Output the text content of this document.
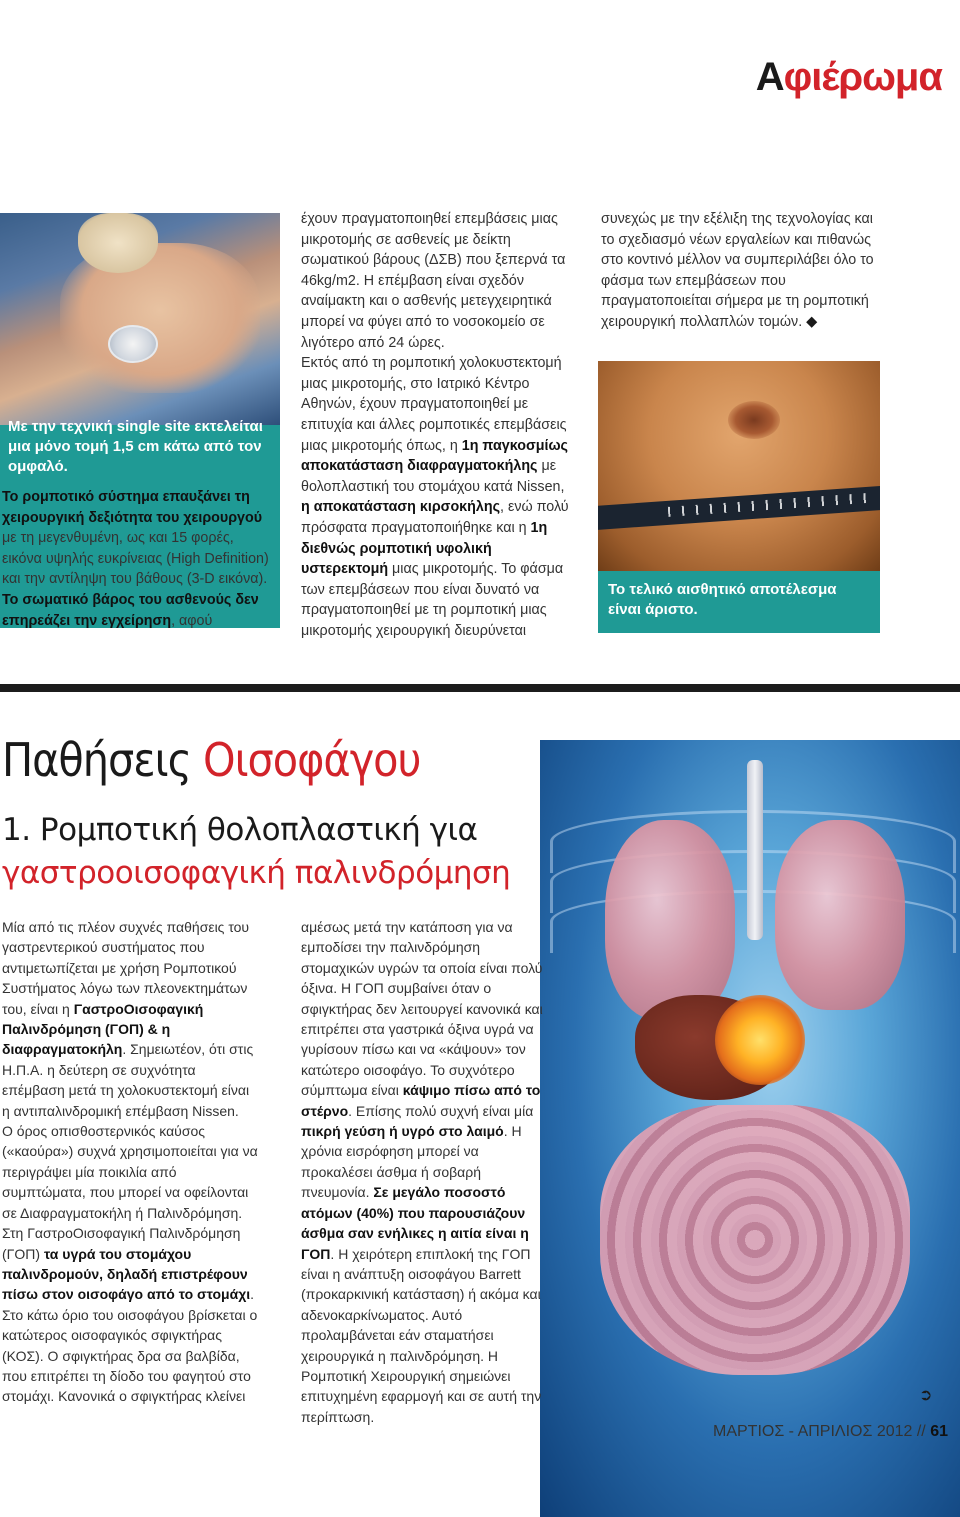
Αφιέρωμα
Με την τεχνική single site εκτελείται μια μόνο τομή 1,5 cm κάτω από τον ομφαλό.
Το ρομποτικό σύστημα επαυξάνει τη χειρουργική δεξιότητα του χειρουργού με τη μεγενθυμένη, ως και 15 φορές, εικόνα υψηλής ευκρίνειας (High Definition) και την αντίληψη του βάθους (3-D εικόνα).
Το σωματικό βάρος του ασθενούς δεν επηρεάζει την εγχείρηση, αφού
έχουν πραγματοποιηθεί επεμβάσεις μιας μικροτομής σε ασθενείς με δείκτη σωματικού βάρους (ΔΣΒ) που ξεπερνά τα 46kg/m2. Η επέμβαση είναι σχεδόν αναίμακτη και ο ασθενής μετεγχειρητικά μπορεί να φύγει από το νοσοκομείο σε λιγότερο από 24 ώρες.
Εκτός από τη ρομποτική χολοκυστεκτομή μιας μικροτομής, στο Ιατρικό Κέντρο Αθηνών, έχουν πραγματοποιηθεί με επιτυχία και άλλες ρομποτικές επεμβάσεις μιας μικροτομής όπως, η 1η παγκοσμίως αποκατάσταση διαφραγματοκήλης με θολοπλαστική του στομάχου κατά Nissen, η αποκατάσταση κιρσοκήλης, ενώ πολύ πρόσφατα πραγματοποιήθηκε και η 1η διεθνώς ρομποτική υφολική υστερεκτομή μιας μικροτομής. Το φάσμα των επεμβάσεων που είναι δυνατό να πραγματοποιηθεί με τη ρομποτική μιας μικροτομής χειρουργική διευρύνεται
συνεχώς με την εξέλιξη της τεχνολογίας και το σχεδιασμό νέων εργαλείων και πιθανώς στο κοντινό μέλλον να συμπεριλάβει όλο το φάσμα των επεμβάσεων που πραγματοποιείται σήμερα με τη ρομποτική χειρουργική πολλαπλών τομών. ◆
Το τελικό αισθητικό αποτέλεσμα είναι άριστο.
Παθήσεις Οισοφάγου
1. Ρομποτική θολοπλαστική για
γαστροοισοφαγική παλινδρόμηση
Μία από τις πλέον συχνές παθήσεις του γαστρεντερικού συστήματος που αντιμετωπίζεται με χρήση Ρομποτικού Συστήματος λόγω των πλεονεκτημάτων του, είναι η ΓαστροΟισοφαγική Παλινδρόμηση (ΓΟΠ) & η διαφραγματοκήλη. Σημειωτέον, ότι στις Η.Π.Α. η δεύτερη σε συχνότητα επέμβαση μετά τη χολοκυστεκτομή είναι η αντιπαλινδρομική επέμβαση Nissen.
Ο όρος οπισθοστερνικός καύσος («καούρα») συχνά χρησιμοποιείται για να περιγράψει μία ποικιλία από συμπτώματα, που μπορεί να οφείλονται σε Διαφραγματοκήλη ή Παλινδρόμηση. Στη ΓαστροΟισοφαγική Παλινδρόμηση (ΓΟΠ) τα υγρά του στομάχου παλινδρομούν, δηλαδή επιστρέφουν πίσω στον οισοφάγο από το στομάχι.
Στο κάτω όριο του οισοφάγου βρίσκεται ο κατώτερος οισοφαγικός σφιγκτήρας (ΚΟΣ). Ο σφιγκτήρας δρα σα βαλβίδα, που επιτρέπει τη δίοδο του φαγητού στο στομάχι. Κανονικά ο σφιγκτήρας κλείνει
αμέσως μετά την κατάποση για να εμποδίσει την παλινδρόμηση στομαχικών υγρών τα οποία είναι πολύ όξινα. Η ΓΟΠ συμβαίνει όταν ο σφιγκτήρας δεν λειτουργεί κανονικά και επιτρέπει στα γαστρικά όξινα υγρά να γυρίσουν πίσω και να «κάψουν» τον κατώτερο οισοφάγο. Το συχνότερο σύμπτωμα είναι κάψιμο πίσω από το στέρνο. Επίσης πολύ συχνή είναι μία πικρή γεύση ή υγρό στο λαιμό. Η χρόνια εισρόφηση μπορεί να προκαλέσει άσθμα ή σοβαρή πνευμονία. Σε μεγάλο ποσοστό ατόμων (40%) που παρουσιάζουν άσθμα σαν ενήλικες η αιτία είναι η ΓΟΠ. Η χειρότερη επιπλοκή της ΓΟΠ είναι η ανάπτυξη οισοφάγου Barrett (προκαρκινική κατάσταση) ή ακόμα και αδενοκαρκίνωματος. Αυτό προλαμβάνεται εάν σταματήσει χειρουργικά η παλινδρόμηση. Η Ρομποτική Χειρουργική σημειώνει επιτυχημένη εφαρμογή και σε αυτή την περίπτωση.
➲
ΜΑΡΤΙΟΣ - ΑΠΡΙΛΙΟΣ 2012 // 61
